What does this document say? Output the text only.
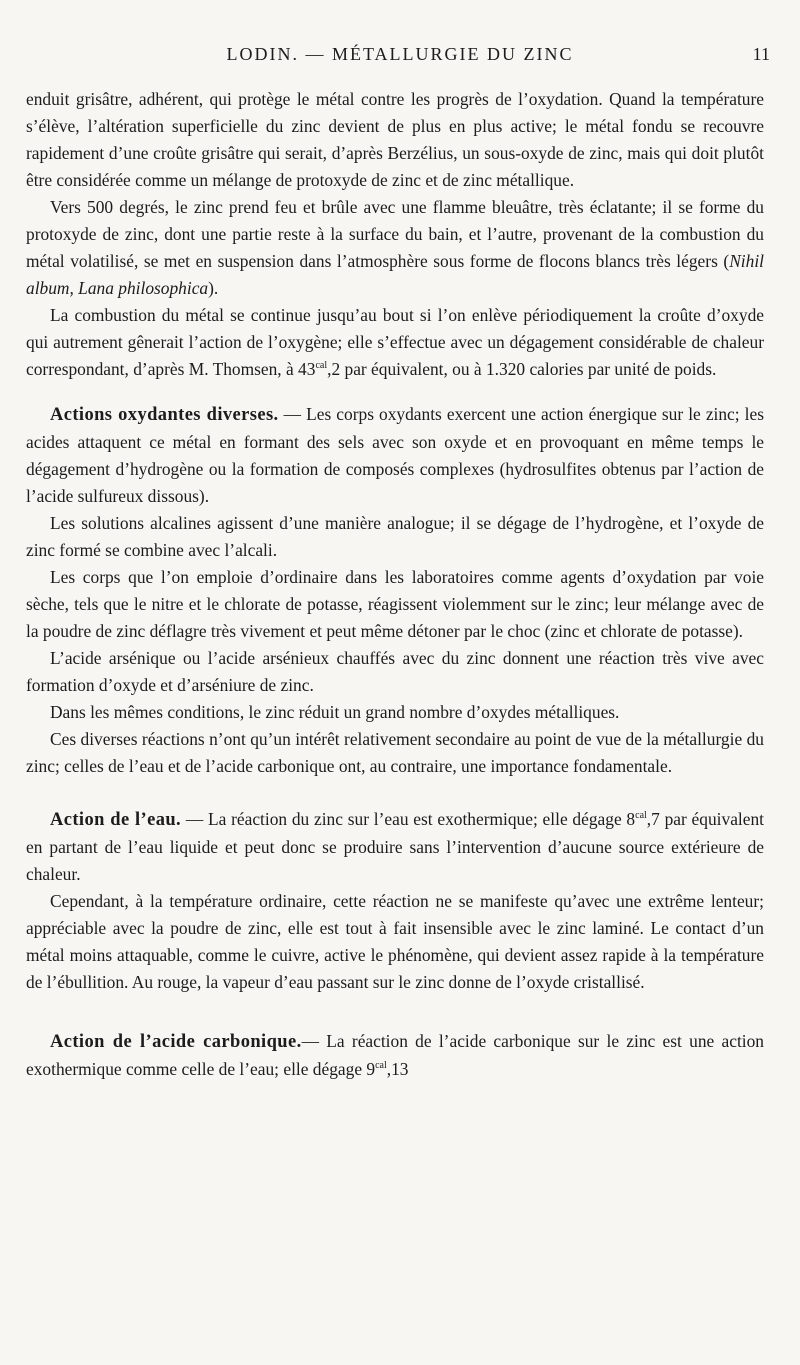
LODIN. — MÉTALLURGIE DU ZINC	11

enduit grisâtre, adhérent, qui protège le métal contre les progrès de l’oxydation. Quand la température s’élève, l’altération superficielle du zinc devient de plus en plus active; le métal fondu se recouvre rapidement d’une croûte grisâtre qui serait, d’après Berzélius, un sous-oxyde de zinc, mais qui doit plutôt être considérée comme un mélange de protoxyde de zinc et de zinc métallique.

Vers 500 degrés, le zinc prend feu et brûle avec une flamme bleuâtre, très éclatante; il se forme du protoxyde de zinc, dont une partie reste à la surface du bain, et l’autre, provenant de la combustion du métal volatilisé, se met en suspension dans l’atmosphère sous forme de flocons blancs très légers (Nihil album, Lana philosophica).

La combustion du métal se continue jusqu’au bout si l’on enlève périodiquement la croûte d’oxyde qui autrement gênerait l’action de l’oxygène; elle s’effectue avec un dégagement considérable de chaleur correspondant, d’après M. Thomsen, à $43^{cal},2$ par équivalent, ou à 1.320 calories par unité de poids.

Actions oxydantes diverses. — Les corps oxydants exercent une action énergique sur le zinc; les acides attaquent ce métal en formant des sels avec son oxyde et en provoquant en même temps le dégagement d’hydrogène ou la formation de composés complexes (hydrosulfites obtenus par l’action de l’acide sulfureux dissous).

Les solutions alcalines agissent d’une manière analogue; il se dégage de l’hydrogène, et l’oxyde de zinc formé se combine avec l’alcali.

Les corps que l’on emploie d’ordinaire dans les laboratoires comme agents d’oxydation par voie sèche, tels que le nitre et le chlorate de potasse, réagissent violemment sur le zinc; leur mélange avec de la poudre de zinc déflagre très vivement et peut même détoner par le choc (zinc et chlorate de potasse).

L’acide arsénique ou l’acide arsénieux chauffés avec du zinc donnent une réaction très vive avec formation d’oxyde et d’arséniure de zinc.

Dans les mêmes conditions, le zinc réduit un grand nombre d’oxydes métalliques.

Ces diverses réactions n’ont qu’un intérêt relativement secondaire au point de vue de la métallurgie du zinc; celles de l’eau et de l’acide carbonique ont, au contraire, une importance fondamentale.

Action de l’eau. — La réaction du zinc sur l’eau est exothermique; elle dégage $8^{cal},7$ par équivalent en partant de l’eau liquide et peut donc se produire sans l’intervention d’aucune source extérieure de chaleur.

Cependant, à la température ordinaire, cette réaction ne se manifeste qu’avec une extrême lenteur; appréciable avec la poudre de zinc, elle est tout à fait insensible avec le zinc laminé. Le contact d’un métal moins attaquable, comme le cuivre, active le phénomène, qui devient assez rapide à la température de l’ébullition. Au rouge, la vapeur d’eau passant sur le zinc donne de l’oxyde cristallisé.

Action de l’acide carbonique.— La réaction de l’acide carbonique sur le zinc est une action exothermique comme celle de l’eau; elle dégage $9^{cal},13$
